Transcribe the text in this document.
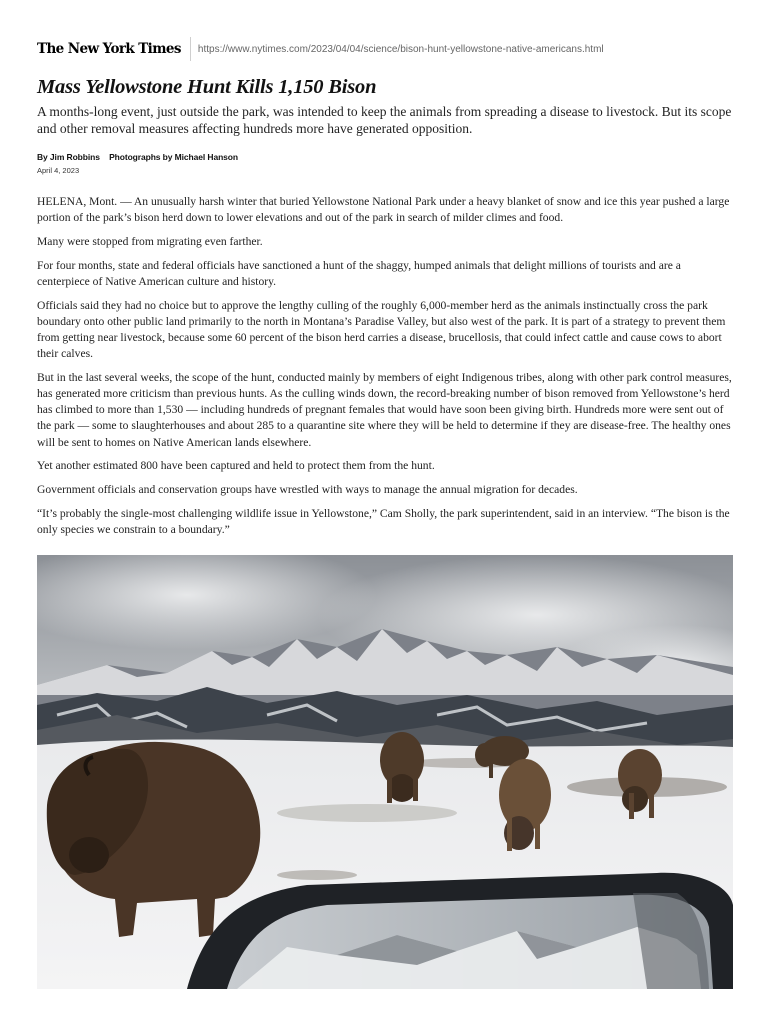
The New York Times https://www.nytimes.com/2023/04/04/science/bison-hunt-yellowstone-native-americans.html
Mass Yellowstone Hunt Kills 1,150 Bison

A months-long event, just outside the park, was intended to keep the animals from spreading a disease to livestock. But its scope and other removal measures affecting hundreds more have generated opposition.

By Jim Robbins Photographs by Michael Hanson
April 4, 2023

HELENA, Mont. — An unusually harsh winter that buried Yellowstone National Park under a heavy blanket of snow and ice this year pushed a large portion of the park’s bison herd down to lower elevations and out of the park in search of milder climes and food.

Many were stopped from migrating even farther.

For four months, state and federal officials have sanctioned a hunt of the shaggy, humped animals that delight millions of tourists and are a centerpiece of Native American culture and history.

Officials said they had no choice but to approve the lengthy culling of the roughly 6,000-member herd as the animals instinctually cross the park boundary onto other public land primarily to the north in Montana’s Paradise Valley, but also west of the park. It is part of a strategy to prevent them from getting near livestock, because some 60 percent of the bison herd carries a disease, brucellosis, that could infect cattle and cause cows to abort their calves.

But in the last several weeks, the scope of the hunt, conducted mainly by members of eight Indigenous tribes, along with other park control measures, has generated more criticism than previous hunts. As the culling winds down, the record-breaking number of bison removed from Yellowstone’s herd has climbed to more than 1,530 — including hundreds of pregnant females that would have soon been giving birth. Hundreds more were sent out of the park — some to slaughterhouses and about 285 to a quarantine site where they will be held to determine if they are disease-free. The healthy ones will be sent to homes on Native American lands elsewhere.

Yet another estimated 800 have been captured and held to protect them from the hunt.

Government officials and conservation groups have wrestled with ways to manage the annual migration for decades.

“It’s probably the single-most challenging wildlife issue in Yellowstone,” Cam Sholly, the park superintendent, said in an interview. “The bison is the only species we constrain to a boundary.”
